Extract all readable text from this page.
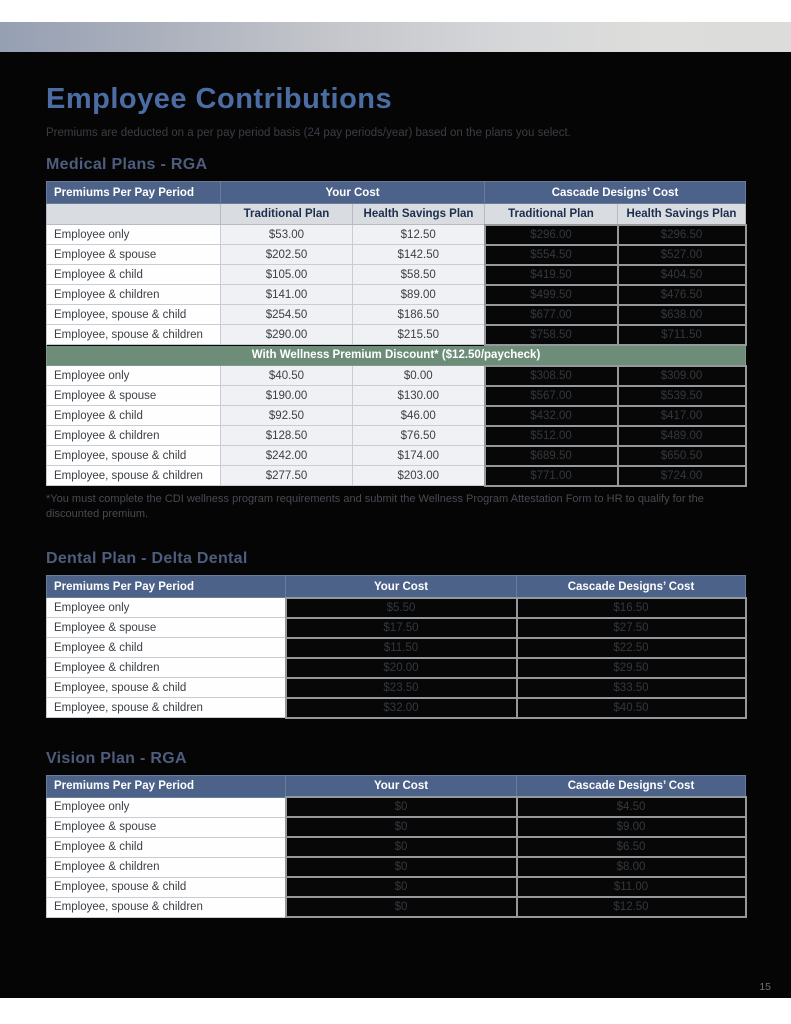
Employee Contributions
Premiums are deducted on a per pay period basis (24 pay periods/year) based on the plans you select.
Medical Plans - RGA
Premiums Per Pay Period	Your Cost		Cascade Designs’ Cost	
	Traditional Plan	Health Savings Plan	Traditional Plan	Health Savings Plan
Employee only	$53.00	$12.50	$296.00	$296.50
Employee & spouse	$202.50	$142.50	$554.50	$527.00
Employee & child	$105.00	$58.50	$419.50	$404.50
Employee & children	$141.00	$89.00	$499.50	$476.50
Employee, spouse & child	$254.50	$186.50	$677.00	$638.00
Employee, spouse & children	$290.00	$215.50	$758.50	$711.50
With Wellness Premium Discount* ($12.50/paycheck)				
Employee only	$40.50	$0.00	$308.50	$309.00
Employee & spouse	$190.00	$130.00	$567.00	$539.50
Employee & child	$92.50	$46.00	$432.00	$417.00
Employee & children	$128.50	$76.50	$512.00	$489.00
Employee, spouse & child	$242.00	$174.00	$689.50	$650.50
Employee, spouse & children	$277.50	$203.00	$771.00	$724.00
*You must complete the CDI wellness program requirements and submit the Wellness Program Attestation Form to HR to qualify for the discounted premium.
Dental Plan - Delta Dental
Premiums Per Pay Period	Your Cost	Cascade Designs’ Cost
Employee only	$5.50	$16.50
Employee & spouse	$17.50	$27.50
Employee & child	$11.50	$22.50
Employee & children	$20.00	$29.50
Employee, spouse & child	$23.50	$33.50
Employee, spouse & children	$32.00	$40.50
Vision Plan - RGA
Premiums Per Pay Period	Your Cost	Cascade Designs’ Cost
Employee only	$0	$4.50
Employee & spouse	$0	$9.00
Employee & child	$0	$6.50
Employee & children	$0	$8.00
Employee, spouse & child	$0	$11.00
Employee, spouse & children	$0	$12.50
15
